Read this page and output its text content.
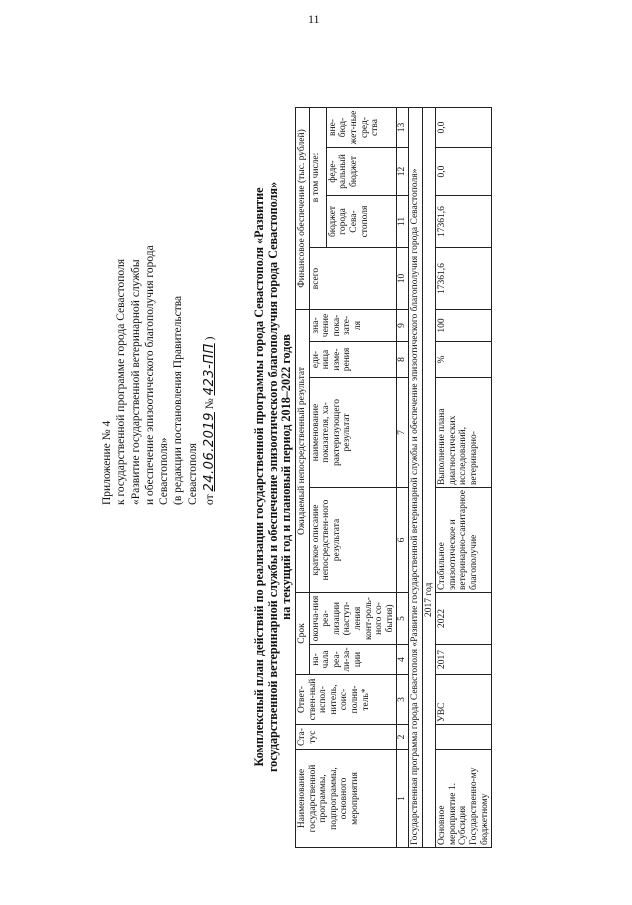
11
Приложение № 4 к государственной программе города Севастополя «Развитие государственной ветеринарной службы и обеспечение эпизоотического благополучия города Севастополя» (в редакции постановления Правительства Севастополя от 24.06.2019 № 423-ПП )	Комплексный план действий по реализации государственной программы города Севастополя «Развитие государственной ветеринарной службы и обеспечение эпизоотического благополучия города Севастополя» на текущий год и плановый период 2018–2022 годов
Наименование государственной программы, подпрограммы, основного мероприятия	Ста-тус	Ответ-ствен-ный испол-нитель, соис-полни-тель*	Срок		Ожидаемый непосредственный результат				Финансовое обеспечение (тыс. рублей)			
			на-чала реа-ли-за-ции	оконча-ния реа-лизации (наступ-ления конт-роль-ного со-бытия)	краткое описание непосредствен-ного результата	наименование показателя, ха-рактеризующего результат	еди-ница изме-рения	зна-чение пока-зате-ля	всего	в том числе:		
										бюджет города Сева-стополя	феде-ральный бюджет	вне-бюд-жет-ные сред-ства
1	2	3	4	5	6	7	8	9	10	11	12	13
Государственная программа города Севастополя «Развитие государственной ветеринарной службы и обеспечение эпизоотического благополучия города Севастополя»												
2017 год												
Основное мероприятие 1. Субсидия Государственно-му бюджетному		УВС	2017	2022	Стабильное эпизоотическое и ветеринарно-санитарное благополучие	Выполнение плана диагностических исследований, ветеринарно-	%	100	17361,6	17361,6	0,0	0,0
